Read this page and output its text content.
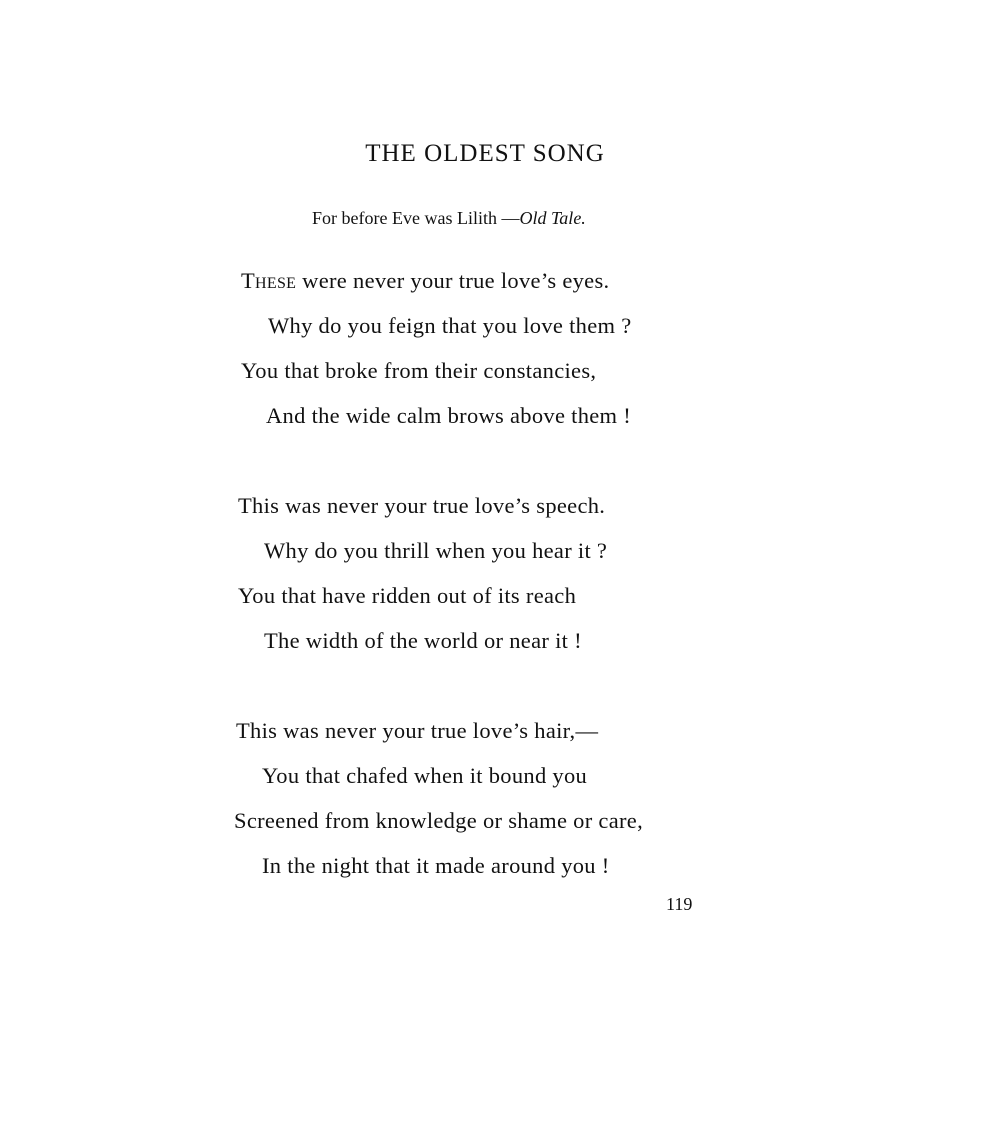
THE OLDEST SONG
For before Eve was Lilith —Old Tale.
These were never your true love’s eyes.
Why do you feign that you love them ?
You that broke from their constancies,
And the wide calm brows above them !
This was never your true love’s speech.
Why do you thrill when you hear it ?
You that have ridden out of its reach
The width of the world or near it !
This was never your true love’s hair,—
You that chafed when it bound you
Screened from knowledge or shame or care,
In the night that it made around you !
119
